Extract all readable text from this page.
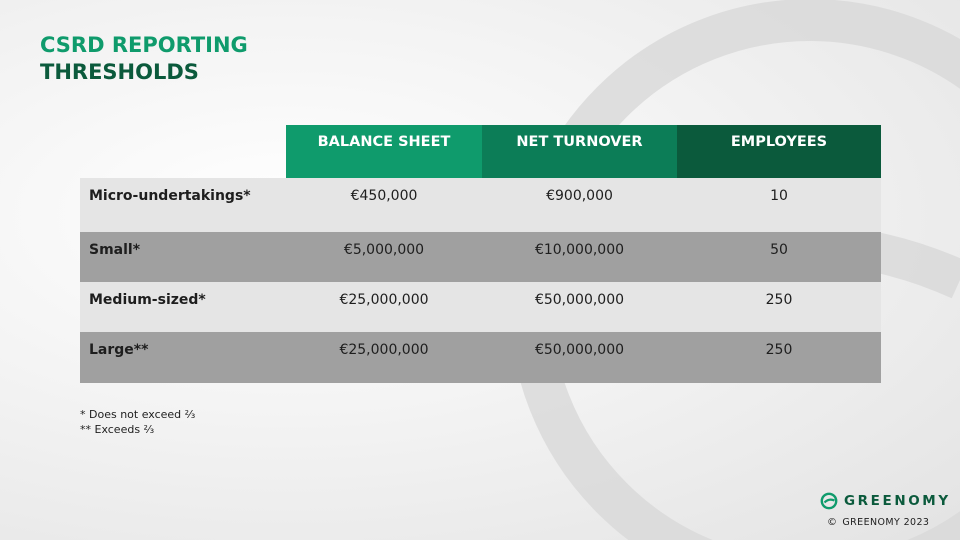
CSRD REPORTING
THRESHOLDS
	BALANCE SHEET	NET TURNOVER	EMPLOYEES
Micro-undertakings*	€450,000	€900,000	10
Small*	€5,000,000	€10,000,000	50
Medium-sized*	€25,000,000	€50,000,000	250
Large**	€25,000,000	€50,000,000	250
* Does not exceed ⅔
** Exceeds ⅔
GREENOMY
© GREENOMY 2023
